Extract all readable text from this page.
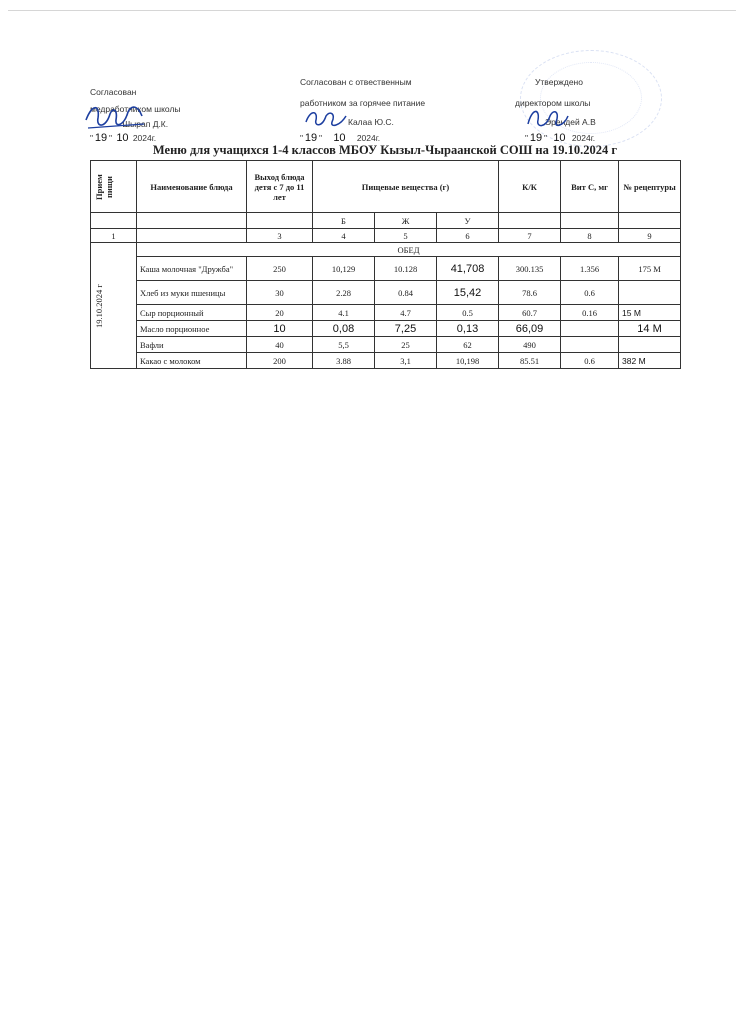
Согласован
медработником школы
Шырап Д.К.
" 19 " 10 2024г.
Согласован с отвественным
работником за горячее питание
Калаа Ю.С.
" 19 " 10 2024г.
Утверждено
директором школы
Эрендей А.В
" 19 " 10 2024г.
Меню для учащихся 1-4 классов МБОУ Кызыл-Чыраанской СОШ на 19.10.2024 г
Прием пищи	Наименование блюда	Выход блюда детя с 7 до 11 лет	Пищевые вещества (г)			К/К	Вит С, мг	№ рецептуры
			Б	Ж	У			
1		3	4	5	6	7	8	9

19.10.2024 г	ОБЕД							
	Каша молочная "Дружба"	250	10,129	10.128	41,708	300.135	1.356	175 М
	Хлеб из муки пшеницы	30	2.28	0.84	15,42	78.6	0.6	
	Сыр порционный	20	4.1	4.7	0.5	60.7	0.16	15 М
	Масло порционное	10	0,08	7,25	0,13	66,09		14 М
	Вафли	40	5,5	25	62	490		
	Какао с молоком	200	3.88	3,1	10,198	85.51	0.6	382 М
